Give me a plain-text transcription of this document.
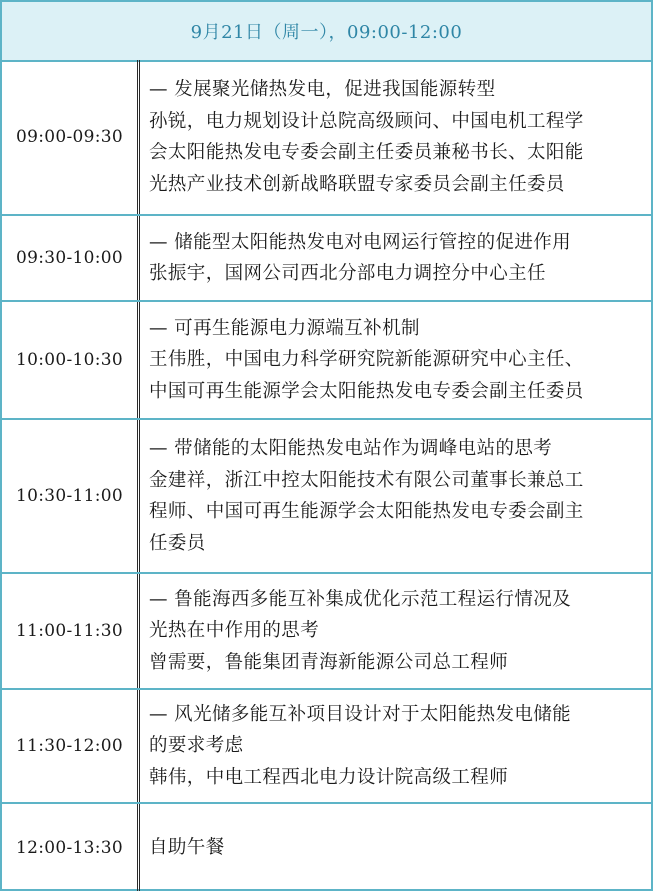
9月21日（周一），09:00-12:00
09:00-09:30
— 发展聚光储热发电，促进我国能源转型
孙锐，电力规划设计总院高级顾问、中国电机工程学
会太阳能热发电专委会副主任委员兼秘书长、太阳能
光热产业技术创新战略联盟专家委员会副主任委员
09:30-10:00
— 储能型太阳能热发电对电网运行管控的促进作用
张振宇，国网公司西北分部电力调控分中心主任
10:00-10:30
— 可再生能源电力源端互补机制
王伟胜，中国电力科学研究院新能源研究中心主任、
中国可再生能源学会太阳能热发电专委会副主任委员
10:30-11:00
— 带储能的太阳能热发电站作为调峰电站的思考
金建祥，浙江中控太阳能技术有限公司董事长兼总工
程师、中国可再生能源学会太阳能热发电专委会副主
任委员
11:00-11:30
— 鲁能海西多能互补集成优化示范工程运行情况及
光热在中作用的思考
曾需要，鲁能集团青海新能源公司总工程师
11:30-12:00
— 风光储多能互补项目设计对于太阳能热发电储能
的要求考虑
韩伟，中电工程西北电力设计院高级工程师
12:00-13:30	自助午餐
